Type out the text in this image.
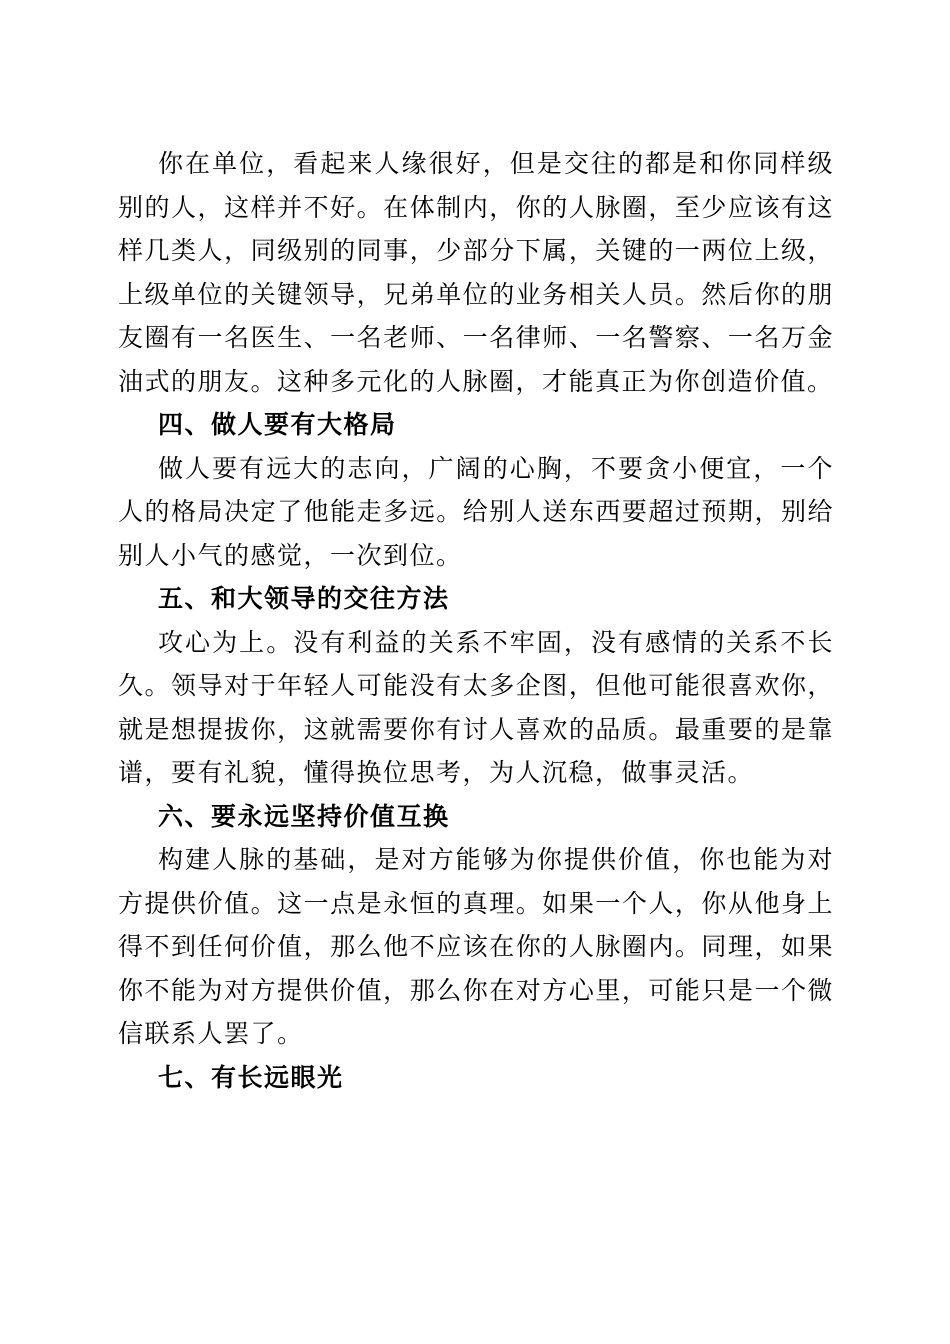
你在单位，看起来人缘很好，但是交往的都是和你同样级别的人，这样并不好。在体制内，你的人脉圈，至少应该有这样几类人，同级别的同事，少部分下属，关键的一两位上级，上级单位的关键领导，兄弟单位的业务相关人员。然后你的朋友圈有一名医生、一名老师、一名律师、一名警察、一名万金油式的朋友。这种多元化的人脉圈，才能真正为你创造价值。

四、做人要有大格局

做人要有远大的志向，广阔的心胸，不要贪小便宜，一个人的格局决定了他能走多远。给别人送东西要超过预期，别给别人小气的感觉，一次到位。

五、和大领导的交往方法

攻心为上。没有利益的关系不牢固，没有感情的关系不长久。领导对于年轻人可能没有太多企图，但他可能很喜欢你，就是想提拔你，这就需要你有讨人喜欢的品质。最重要的是靠谱，要有礼貌，懂得换位思考，为人沉稳，做事灵活。

六、要永远坚持价值互换

构建人脉的基础，是对方能够为你提供价值，你也能为对方提供价值。这一点是永恒的真理。如果一个人，你从他身上得不到任何价值，那么他不应该在你的人脉圈内。同理，如果你不能为对方提供价值，那么你在对方心里，可能只是一个微信联系人罢了。

七、有长远眼光
